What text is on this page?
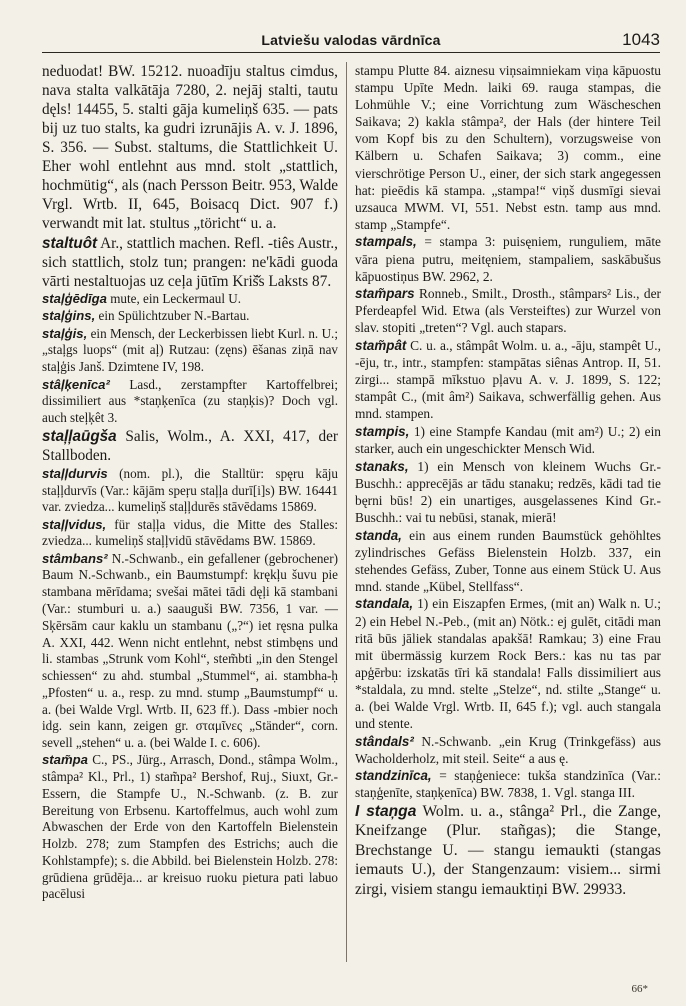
Latviešu valodas vārdnīca	1043

neduodat! BW. 15212. nuoadīju staltus cimdus, nava stalta valkātāja 7280, 2. nejāj stalti, tautu dęls! 14455, 5. stalti gāja kumeliņš 635. — pats bij uz tuo stalts, ka gudri izrunājis A. v. J. 1896, S. 356. — Subst. staltums, die Stattlichkeit U. Eher wohl entlehnt aus mnd. stolt „stattlich, hochmütig“, als (nach Persson Beitr. 953, Walde Vrgl. Wrtb. II, 645, Boisacq Dict. 907 f.) verwandt mit lat. stultus „töricht“ u. a.

staltuôt Ar., stattlich machen. Refl. -tiês Austr., sich stattlich, stolz tun; prangen: ne'kādi guoda vārti nestaltuojas uz ceļa jūtīm Kriš̌s Laksts 87.

staļģēdīga mute, ein Leckermaul U.

staļģins, ein Spülichtzuber N.-Bartau.

staļģis, ein Mensch, der Leckerbissen liebt Kurl. n. U.; „staļgs luops“ (mit aļ) Rutzau: (zęns) ēšanas ziņā nav staļģis Janš. Dzimtene IV, 198.

stâļķenīca² Lasd., zerstampfter Kartoffelbrei; dissimiliert aus *staņķenīca (zu staņķis)? Doch vgl. auch steļķêt 3.

staļļaūgša Salis, Wolm., A. XXI, 417, der Stallboden.

staļļdurvis (nom. pl.), die Stalltür: spęru kāju staļļdurvīs (Var.: kājām speŗu staļļa durī[i]s) BW. 16441 var. zviedza... kumeliņš staļļdurēs stāvēdams 15869.

staļļvidus, für staļļa vidus, die Mitte des Stalles: zviedza... kumeliņš staļļvidū stāvēdams BW. 15869.

stâmbans² N.-Schwanb., ein gefallener (gebrochener) Baum N.-Schwanb., ein Baumstumpf: krękļu šuvu pie stambana mērīdama; svešai mātei tādi dęļi kā stambani (Var.: stumburi u. a.) saauguši BW. 7356, 1 var. — Sķērsām caur kaklu un stambanu („?“) iet ręsna pulka A. XXI, 442. Wenn nicht entlehnt, nebst stimbęns und li. stambas „Strunk vom Kohl“, stem̃bti „in den Stengel schiessen“ zu ahd. stumbal „Stummel“, ai. stambha-ḥ „Pfosten“ u. a., resp. zu mnd. stump „Baumstumpf“ u. a. (bei Walde Vrgl. Wrtb. II, 623 ff.). Dass -mbier noch idg. sein kann, zeigen gr. σταμῖνες „Ständer“, corn. sevell „stehen“ u. a. (bei Walde I. c. 606).

stam̃pa C., PS., Jürg., Arrasch, Dond., stâmpa Wolm., stâmpa² Kl., Prl., 1) stam̃pa² Bershof, Ruj., Siuxt, Gr.-Essern, die Stampfe U., N.-Schwanb. (z. B. zur Bereitung von Erbsenu. Kartoffelmus, auch wohl zum Abwaschen der Erde von den Kartoffeln Bielenstein Holzb. 278; zum Stampfen des Estrichs; auch die Kohlstampfe); s. die Abbild. bei Bielenstein Holzb. 278: grūdiena grūdēja... ar kreisuo ruoku pietura pati labuo pacēlusi

stampu Plutte 84. aiznesu viņsaimniekam viņa kāpuostu stampu Upīte Medn. laiki 69. rauga stampas, die Lohmühle V.; eine Vorrichtung zum Wäscheschen Saikava; 2) kakla stâmpa², der Hals (der hintere Teil vom Kopf bis zu den Schultern), vorzugsweise von Kälbern u. Schafen Saikava; 3) comm., eine vierschrötige Person U., einer, der sich stark angegessen hat: pieēdis kā stampa. „stampa!“ viņš dusmīgi sievai uzsauca MWM. VI, 551. Nebst estn. tamp aus mnd. stamp „Stampfe“.

stampals, = stampa 3: puisęniem, runguliem, māte vāra piena putru, meitęniem, stampaliem, saskābušus kāpuostiņus BW. 2962, 2.

stam̃pars Ronneb., Smilt., Drosth., stâmpars² Lis., der Pferdeapfel Wid. Etwa (als Versteiftes) zur Wurzel von slav. stopiti „treten“? Vgl. auch stapars.

stam̃pât C. u. a., stâmpât Wolm. u. a., -āju, stampêt U., -ēju, tr., intr., stampfen: stampātas siênas Antrop. II, 51. zirgi... stampā mīkstuo pļavu A. v. J. 1899, S. 122; stampât C., (mit âm²) Saikava, schwerfällig gehen. Aus mnd. stampen.

stampis, 1) eine Stampfe Kandau (mit am²) U.; 2) ein starker, auch ein ungeschickter Mensch Wid.

stanaks, 1) ein Mensch von kleinem Wuchs Gr.-Buschh.: apprecējās ar tādu stanaku; redzēs, kādi tad tie bęrni būs! 2) ein unartiges, ausgelassenes Kind Gr.-Buschh.: vai tu nebūsi, stanak, mierā!

standa, ein aus einem runden Baumstück gehöhltes zylindrisches Gefäss Bielenstein Holzb. 337, ein stehendes Gefäss, Zuber, Tonne aus einem Stück U. Aus mnd. stande „Kübel, Stellfass“.

standala, 1) ein Eiszapfen Ermes, (mit an) Walk n. U.; 2) ein Hebel N.-Peb., (mit an) Nötk.: ej gulēt, citādi man ritā būs jāliek standalas apakšā! Ramkau; 3) eine Frau mit übermässig kurzem Rock Bers.: kas nu tas par apģērbu: izskatās tīri kā standala! Falls dissimiliert aus *staldala, zu mnd. stelte „Stelze“, nd. stilte „Stange“ u. a. (bei Walde Vrgl. Wrtb. II, 645 f.); vgl. auch stangala und stente.

stândals² N.-Schwanb. „ein Krug (Trinkgefäss) aus Wacholderholz, mit steil. Seite“ a aus ę.

standzinīca, = staņģeniece: tukša standzinīca (Var.: staņģenīte, staņķenīca) BW. 7838, 1. Vgl. stanga III.

I staņga Wolm. u. a., stânga² Prl., die Zange, Kneifzange (Plur. stañgas); die Stange, Brechstange U. — stangu iemaukti (stangas iemauts U.), der Stangenzaum: visiem... sirmi zirgi, visiem stangu iemauktiņi BW. 29933.

66*
